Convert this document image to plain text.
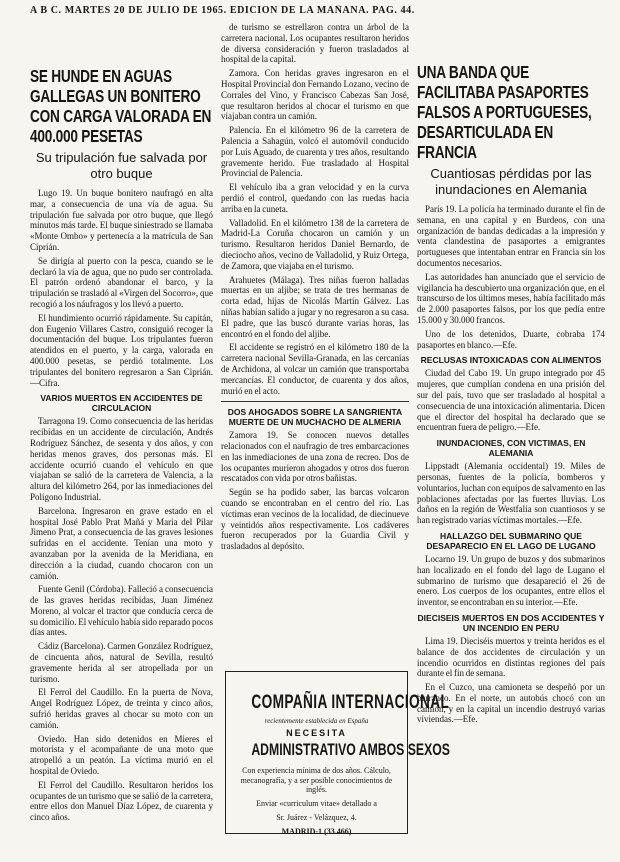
A B C. MARTES 20 DE JULIO DE 1965. EDICION DE LA MAÑANA. PAG. 44.
SE HUNDE EN AGUAS GALLEGAS UN BONITERO CON CARGA VALORADA EN 400.000 PESETAS
Su tripulación fue salvada por otro buque

Lugo 19. Un buque bonitero naufragó en alta mar, a consecuencia de una vía de agua. Su tripulación fue salvada por otro buque, que llegó minutos más tarde. El buque siniestrado se llamaba «Monte Ombo» y pertenecía a la matrícula de San Ciprián.

Se dirigía al puerto con la pesca, cuando se le declaró la vía de agua, que no pudo ser controlada. El patrón ordenó abandonar el barco, y la tripulación se trasladó al «Virgen del Socorro», que recogió a los náufragos y los llevó a puerto.

El hundimiento ocurrió rápidamente. Su capitán, don Eugenio Villares Castro, consiguió recoger la documentación del buque. Los tripulantes fueron atendidos en el puerto, y la carga, valorada en 400.000 pesetas, se perdió totalmente. Los tripulantes del bonitero regresaron a San Ciprián.—Cifra.

VARIOS MUERTOS EN ACCIDENTES DE CIRCULACION

Tarragona 19. Como consecuencia de las heridas recibidas en un accidente de circulación, Andrés Rodríguez Sánchez, de sesenta y dos años, y con heridas menos graves, dos personas más. El accidente ocurrió cuando el vehículo en que viajaban se salió de la carretera de Valencia, a la altura del kilómetro 264, por las inmediaciones del Polígono Industrial.

Barcelona. Ingresaron en grave estado en el hospital José Pablo Prat Mañá y Maria del Pilar Jimeno Prat, a consecuencia de las graves lesiones sufridas en el accidente. Tenían una moto y avanzaban por la avenida de la Meridiana, en dirección a la ciudad, cuando chocaron con un camión.

Fuente Genil (Córdoba). Falleció a consecuencia de las graves heridas recibidas, Juan Jiménez Moreno, al volcar el tractor que conducía cerca de su domicilio. El vehículo había sido reparado pocos días antes.

Cádiz (Barcelona). Carmen González Rodríguez, de cincuenta años, natural de Sevilla, resultó gravemente herida al ser atropellada por un turismo.

El Ferrol del Caudillo. En la puerta de Nova, Angel Rodríguez López, de treinta y cinco años, sufrió heridas graves al chocar su moto con un camión.

Oviedo. Han sido detenidos en Mieres el motorista y el acompañante de una moto que atropelló a un peatón. La víctima murió en el hospital de Oviedo.

El Ferrol del Caudillo. Resultaron heridos los ocupantes de un turismo que se salió de la carretera, entre ellos don Manuel Díaz López, de cuarenta y cinco años.

de turismo se estrellaron contra un árbol de la carretera nacional. Los ocupantes resultaron heridos de diversa consideración y fueron trasladados al hospital de la capital.

Zamora. Con heridas graves ingresaron en el Hospital Provincial don Fernando Lozano, vecino de Corrales del Vino, y Francisco Cabezas San José, que resultaron heridos al chocar el turismo en que viajaban contra un camión.

Palencia. En el kilómetro 96 de la carretera de Palencia a Sahagún, volcó el automóvil conducido por Luis Aguado, de cuarenta y tres años, resultando gravemente herido. Fue trasladado al Hospital Provincial de Palencia.

El vehículo iba a gran velocidad y en la curva perdió el control, quedando con las ruedas hacia arriba en la cuneta.

Valladolid. En el kilómetro 138 de la carretera de Madrid-La Coruña chocaron un camión y un turismo. Resultaron heridos Daniel Bernardo, de dieciocho años, vecino de Valladolid, y Ruiz Ortega, de Zamora, que viajaba en el turismo.

Arahuetes (Málaga). Tres niñas fueron halladas muertas en un aljibe; se trata de tres hermanas de corta edad, hijas de Nicolás Martín Gálvez. Las niñas habían salido a jugar y no regresaron a su casa. El padre, que las buscó durante varias horas, las encontró en el fondo del aljibe.

El accidente se registró en el kilómetro 180 de la carretera nacional Sevilla-Granada, en las cercanías de Archidona, al volcar un camión que transportaba mercancías. El conductor, de cuarenta y dos años, murió en el acto.

DOS AHOGADOS SOBRE LA SANGRIENTA MUERTE DE UN MUCHACHO DE ALMERIA

Zamora 19. Se conocen nuevos detalles relacionados con el naufragio de tres embarcaciones en las inmediaciones de una zona de recreo. Dos de los ocupantes murieron ahogados y otros dos fueron rescatados con vida por otros bañistas.

Según se ha podido saber, las barcas volcaron cuando se encontraban en el centro del río. Las víctimas eran vecinos de la localidad, de diecinueve y veintidós años respectivamente. Los cadáveres fueron recuperados por la Guardia Civil y trasladados al depósito.

COMPAÑIA INTERNACIONAL
recientemente establecida en España
NECESITA
ADMINISTRATIVO AMBOS SEXOS
Con experiencia mínima de dos años. Cálculo, mecanografía, y a ser posible conocimientos de inglés.
Enviar «curriculum vitae» detallado a
Sr. Juárez - Velázquez, 4.
MADRID-1 (33.466)
UNA BANDA QUE FACILITABA PASAPORTES FALSOS A PORTUGUESES, DESARTICULADA EN FRANCIA
Cuantiosas pérdidas por las inundaciones en Alemania

París 19. La policía ha terminado durante el fin de semana, en una capital y en Burdeos, con una organización de bandas dedicadas a la impresión y venta clandestina de pasaportes a emigrantes portugueses que intentaban entrar en Francia sin los documentos necesarios.

Las autoridades han anunciado que el servicio de vigilancia ha descubierto una organización que, en el transcurso de los últimos meses, había facilitado más de 2.000 pasaportes falsos, por los que pedía entre 15.000 y 30.000 francos.

Uno de los detenidos, Duarte, cobraba 174 pasaportes en blanco.—Efe.

RECLUSAS INTOXICADAS CON ALIMENTOS

Ciudad del Cabo 19. Un grupo integrado por 45 mujeres, que cumplían condena en una prisión del sur del país, tuvo que ser trasladado al hospital a consecuencia de una intoxicación alimentaria. Dicen que el director del hospital ha declarado que se encuentran fuera de peligro.—Efe.

INUNDACIONES, CON VICTIMAS, EN ALEMANIA

Lippstadt (Alemania occidental) 19. Miles de personas, fuentes de la policía, bomberos y voluntarios, luchan con equipos de salvamento en las poblaciones afectadas por las fuertes lluvias. Los daños en la región de Westfalia son cuantiosos y se han registrado varias víctimas mortales.—Efe.

HALLAZGO DEL SUBMARINO QUE DESAPARECIO EN EL LAGO DE LUGANO

Locarno 19. Un grupo de buzos y dos submarinos han localizado en el fondo del lago de Lugano el submarino de turismo que desapareció el 26 de enero. Los cuerpos de los ocupantes, entre ellos el inventor, se encontraban en su interior.—Efe.

DIECISEIS MUERTOS EN DOS ACCIDENTES Y UN INCENDIO EN PERU

Lima 19. Dieciséis muertos y treinta heridos es el balance de dos accidentes de circulación y un incendio ocurridos en distintas regiones del país durante el fin de semana.

En el Cuzco, una camioneta se despeñó por un barranco. En el norte, un autobús chocó con un camión, y en la capital un incendio destruyó varias viviendas.—Efe.
